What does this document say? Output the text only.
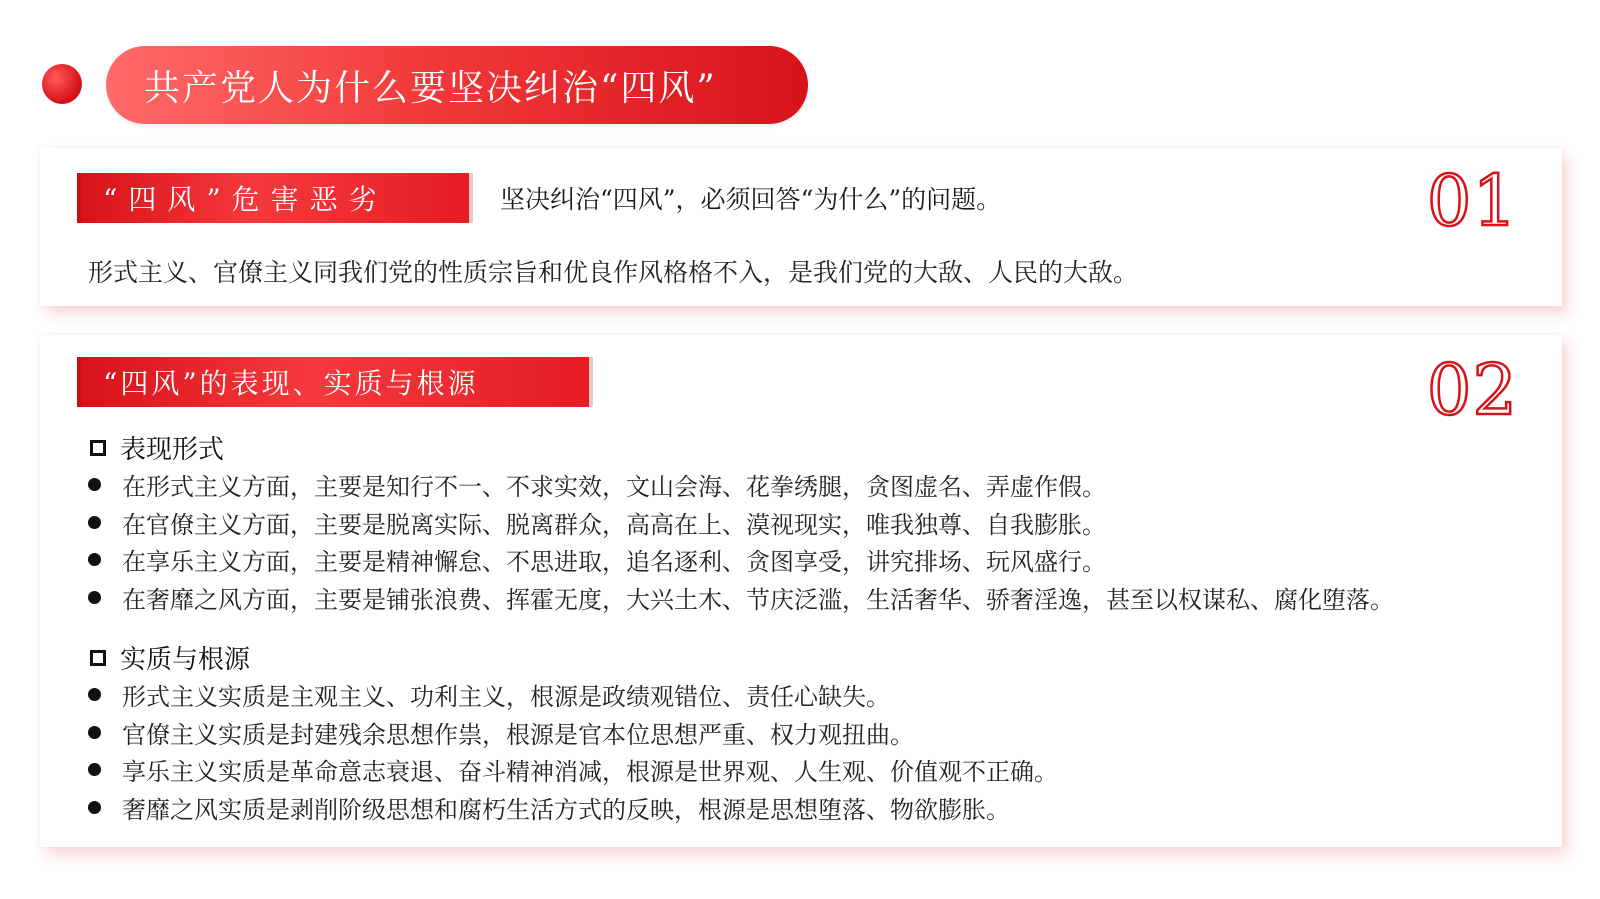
共产党人为什么要坚决纠治“四风”
“四风”危害恶劣	坚决纠治“四风”，必须回答“为什么”的问题。	01
形式主义、官僚主义同我们党的性质宗旨和优良作风格格不入，是我们党的大敌、人民的大敌。
“四风”的表现、实质与根源	02
表现形式
在形式主义方面，主要是知行不一、不求实效，文山会海、花拳绣腿，贪图虚名、弄虚作假。
在官僚主义方面，主要是脱离实际、脱离群众，高高在上、漠视现实，唯我独尊、自我膨胀。
在享乐主义方面，主要是精神懈怠、不思进取，追名逐利、贪图享受，讲究排场、玩风盛行。
在奢靡之风方面，主要是铺张浪费、挥霍无度，大兴土木、节庆泛滥，生活奢华、骄奢淫逸，甚至以权谋私、腐化堕落。
实质与根源
形式主义实质是主观主义、功利主义，根源是政绩观错位、责任心缺失。
官僚主义实质是封建残余思想作祟，根源是官本位思想严重、权力观扭曲。
享乐主义实质是革命意志衰退、奋斗精神消减，根源是世界观、人生观、价值观不正确。
奢靡之风实质是剥削阶级思想和腐朽生活方式的反映，根源是思想堕落、物欲膨胀。
